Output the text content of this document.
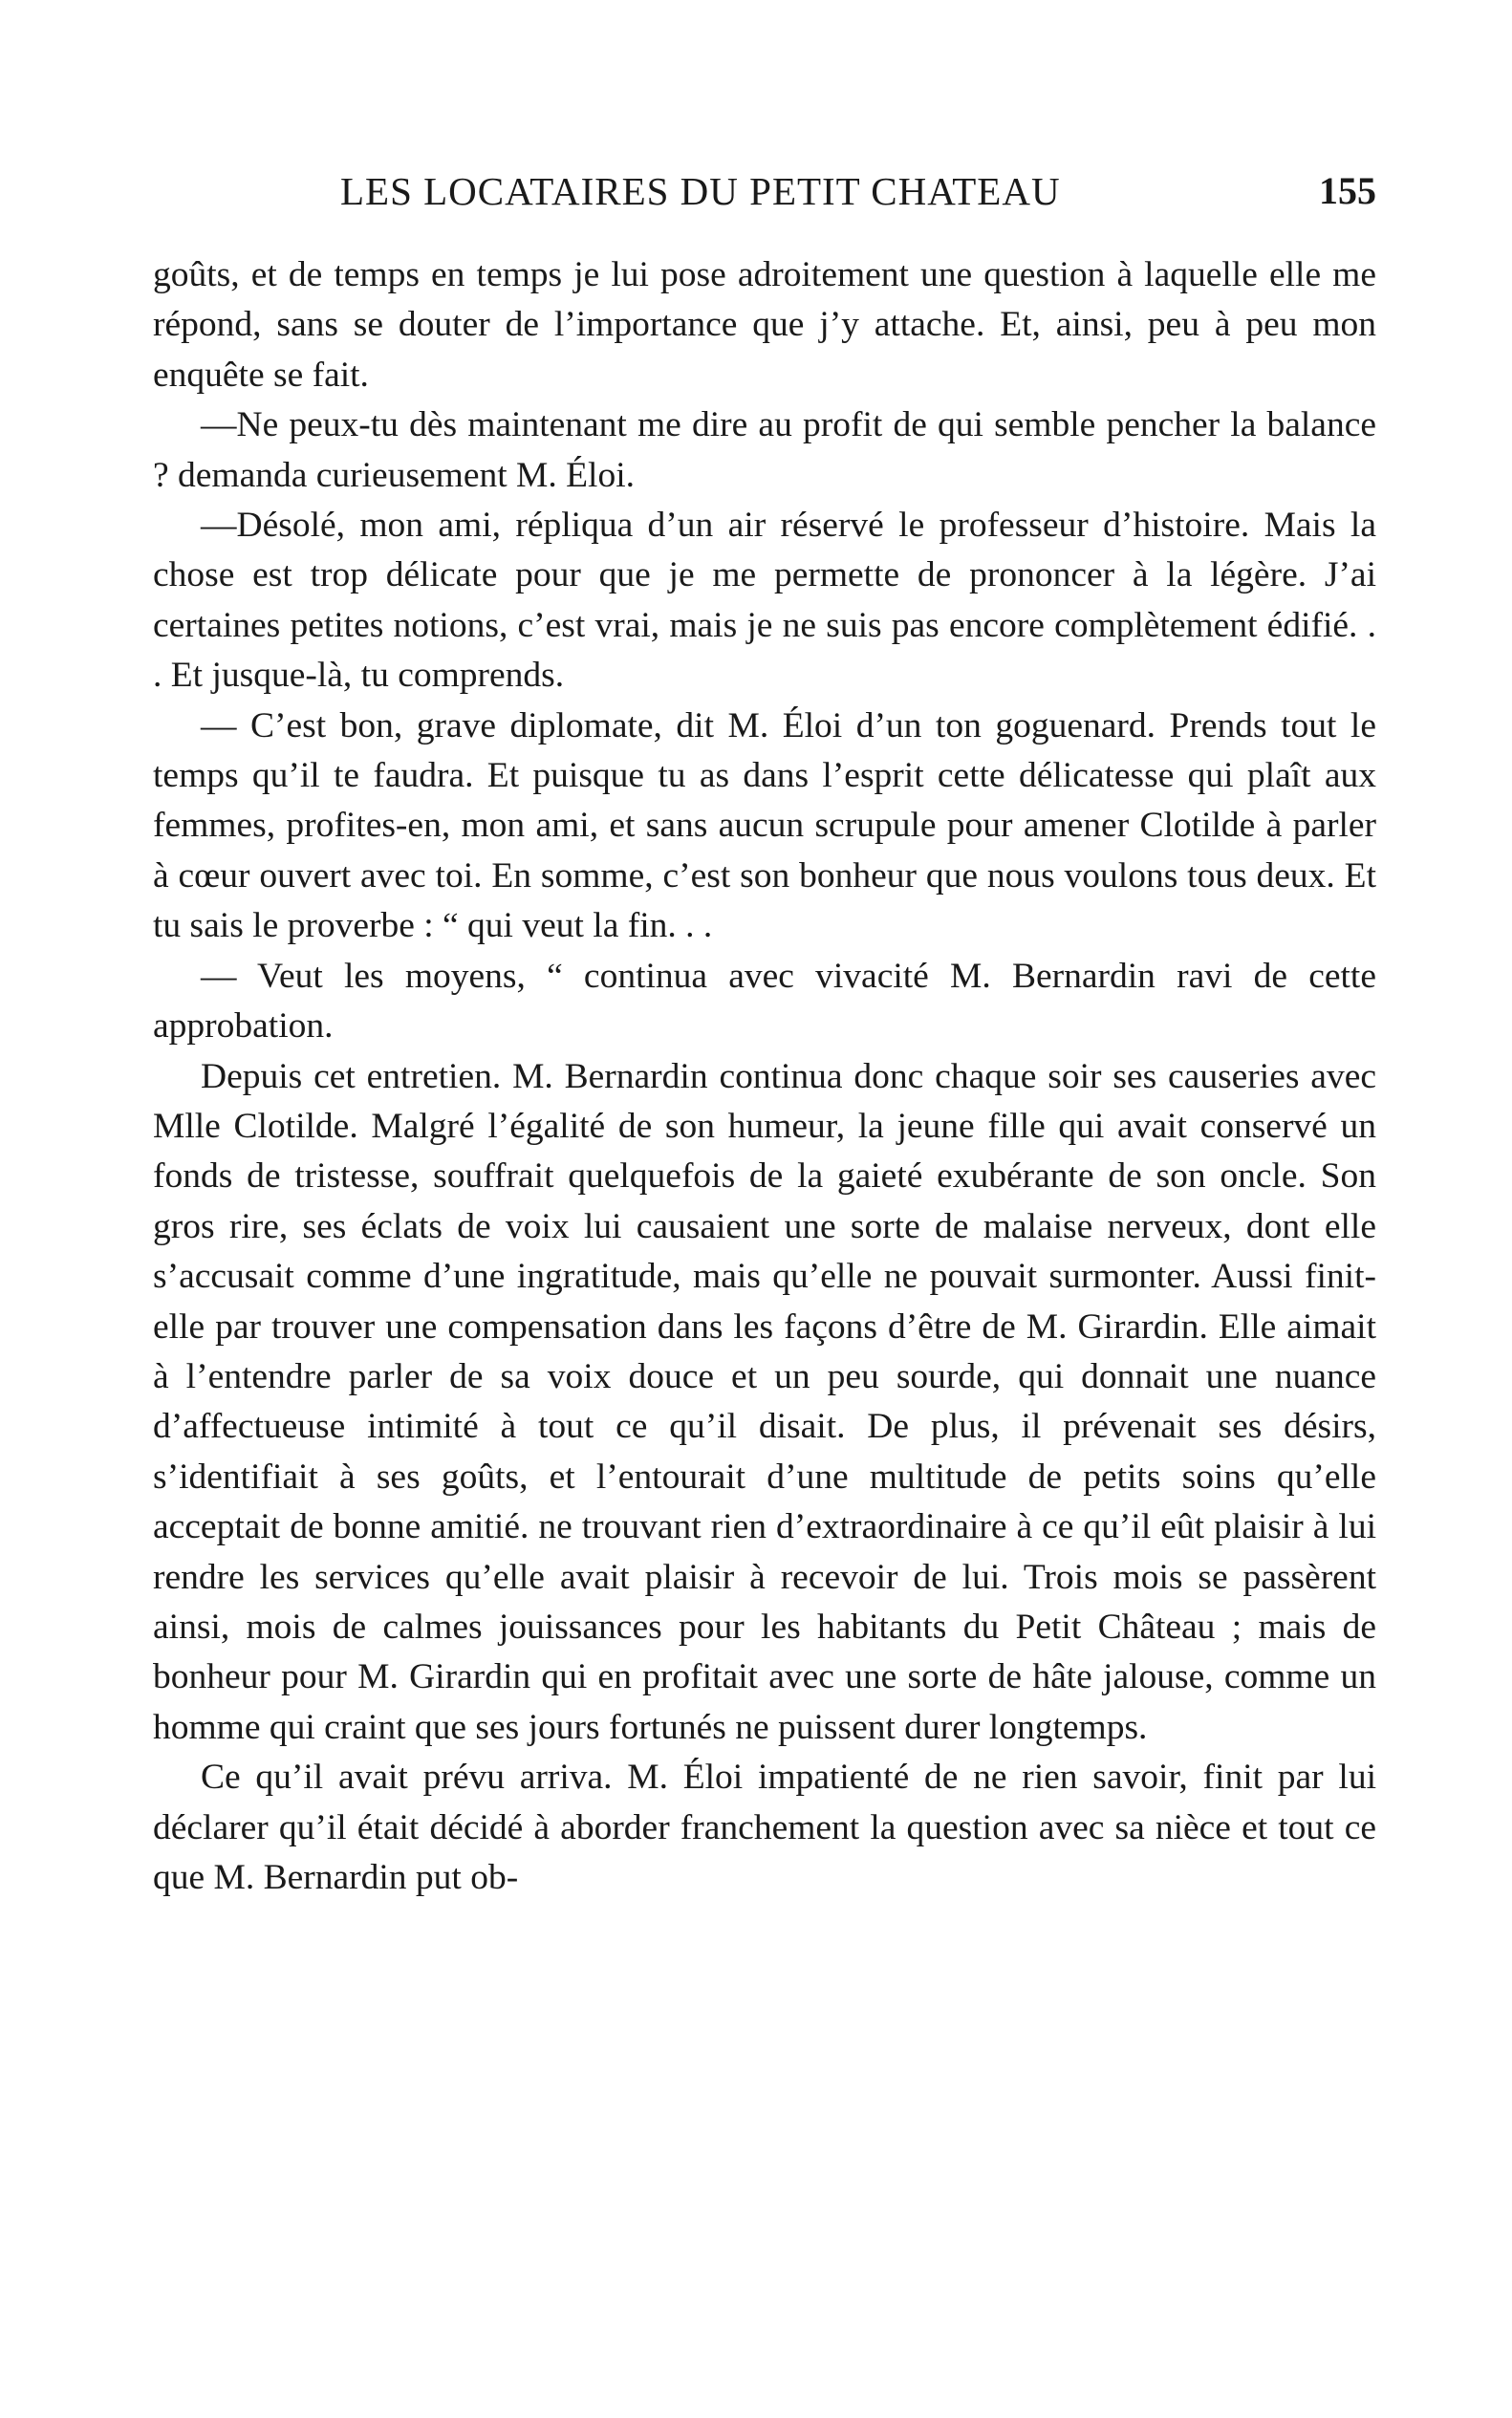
LES LOCATAIRES DU PETIT CHATEAU	155

goûts, et de temps en temps je lui pose adroitement une question à laquelle elle me répond, sans se douter de l’importance que j’y attache. Et, ainsi, peu à peu mon enquête se fait.

—Ne peux-tu dès maintenant me dire au profit de qui semble pencher la balance ? demanda curieusement M. Éloi.

—Désolé, mon ami, répliqua d’un air réservé le professeur d’histoire. Mais la chose est trop délicate pour que je me permette de prononcer à la légère. J’ai certaines petites notions, c’est vrai, mais je ne suis pas encore complètement édifié. . . Et jusque-là, tu comprends.

— C’est bon, grave diplomate, dit M. Éloi d’un ton goguenard. Prends tout le temps qu’il te faudra. Et puisque tu as dans l’esprit cette délicatesse qui plaît aux femmes, profites-en, mon ami, et sans aucun scrupule pour amener Clotilde à parler à cœur ouvert avec toi. En somme, c’est son bonheur que nous voulons tous deux. Et tu sais le proverbe : “ qui veut la fin. . .

— Veut les moyens, “ continua avec vivacité M. Bernardin ravi de cette approbation.

Depuis cet entretien. M. Bernardin continua donc chaque soir ses causeries avec Mlle Clotilde. Malgré l’égalité de son humeur, la jeune fille qui avait conservé un fonds de tristesse, souffrait quelquefois de la gaieté exubérante de son oncle. Son gros rire, ses éclats de voix lui causaient une sorte de malaise nerveux, dont elle s’accusait comme d’une ingratitude, mais qu’elle ne pouvait surmonter. Aussi finit-elle par trouver une compensation dans les façons d’être de M. Girardin. Elle aimait à l’entendre parler de sa voix douce et un peu sourde, qui donnait une nuance d’affectueuse intimité à tout ce qu’il disait. De plus, il prévenait ses désirs, s’identifiait à ses goûts, et l’entourait d’une multitude de petits soins qu’elle acceptait de bonne amitié. ne trouvant rien d’extraordinaire à ce qu’il eût plaisir à lui rendre les services qu’elle avait plaisir à recevoir de lui. Trois mois se passèrent ainsi, mois de calmes jouissances pour les habitants du Petit Château ; mais de bonheur pour M. Girardin qui en profitait avec une sorte de hâte jalouse, comme un homme qui craint que ses jours fortunés ne puissent durer longtemps.

Ce qu’il avait prévu arriva. M. Éloi impatienté de ne rien savoir, finit par lui déclarer qu’il était décidé à aborder franchement la question avec sa nièce et tout ce que M. Bernardin put ob-
